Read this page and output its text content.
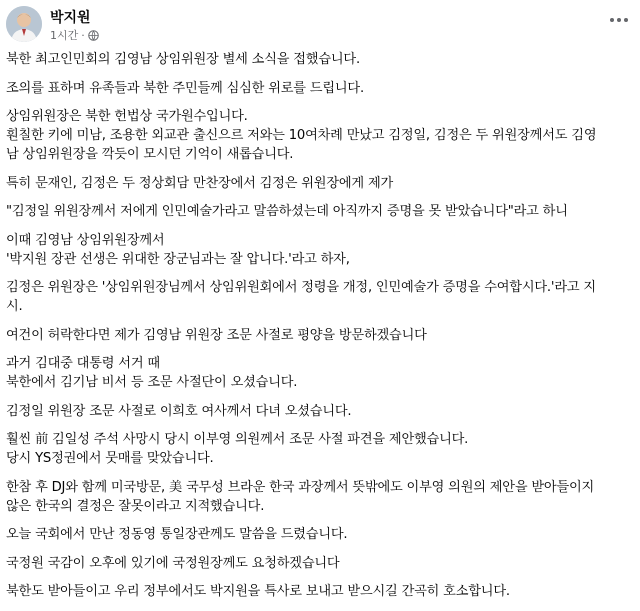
박지원
1시간 ·

북한 최고인민회의 김영남 상임위원장 별세 소식을 접했습니다.

조의를 표하며 유족들과 북한 주민들께 심심한 위로를 드립니다.

상임위원장은 북한 헌법상 국가원수입니다.
훤칠한 키에 미남, 조용한 외교관 출신으르 저와는 10여차례 만났고 김정일, 김정은 두 위원장께서도 김영
남 상임위원장을 깍듯이 모시던 기억이 새롭습니다.

특히 문재인, 김정은 두 정상회담 만찬장에서 김정은 위원장에게 제가

"김정일 위원장께서 저에게 인민예술가라고 말씀하셨는데 아직까지 증명을 못 받았습니다"라고 하니

이때 김영남 상임위원장께서
'박지원 장관 선생은 위대한 장군님과는 잘 압니다.'라고 하자,

김정은 위원장은 '상임위원장님께서 상임위원회에서 정령을 개정, 인민예술가 증명을 수여합시다.'라고 지
시.

여건이 허락한다면 제가 김영남 위원장 조문 사절로 평양을 방문하겠습니다

과거 김대중 대통령 서거 때
북한에서 김기남 비서 등 조문 사절단이 오셨습니다.

김정일 위원장 조문 사절로 이희호 여사께서 다녀 오셨습니다.

훨씬 前 김일성 주석 사망시 당시 이부영 의원께서 조문 사절 파견을 제안했습니다.
당시 YS정권에서 뭇매를 맞았습니다.

한참 후 DJ와 함께 미국방문, 美 국무성 브라운 한국 과장께서 뜻밖에도 이부영 의원의 제안을 받아들이지
않은 한국의 결정은 잘못이라고 지적했습니다.

오늘 국회에서 만난 정동영 통일장관께도 말씀을 드렸습니다.

국정원 국감이 오후에 있기에 국정원장께도 요청하겠습니다

북한도 받아들이고 우리 정부에서도 박지원을 특사로 보내고 받으시길 간곡히 호소합니다.
